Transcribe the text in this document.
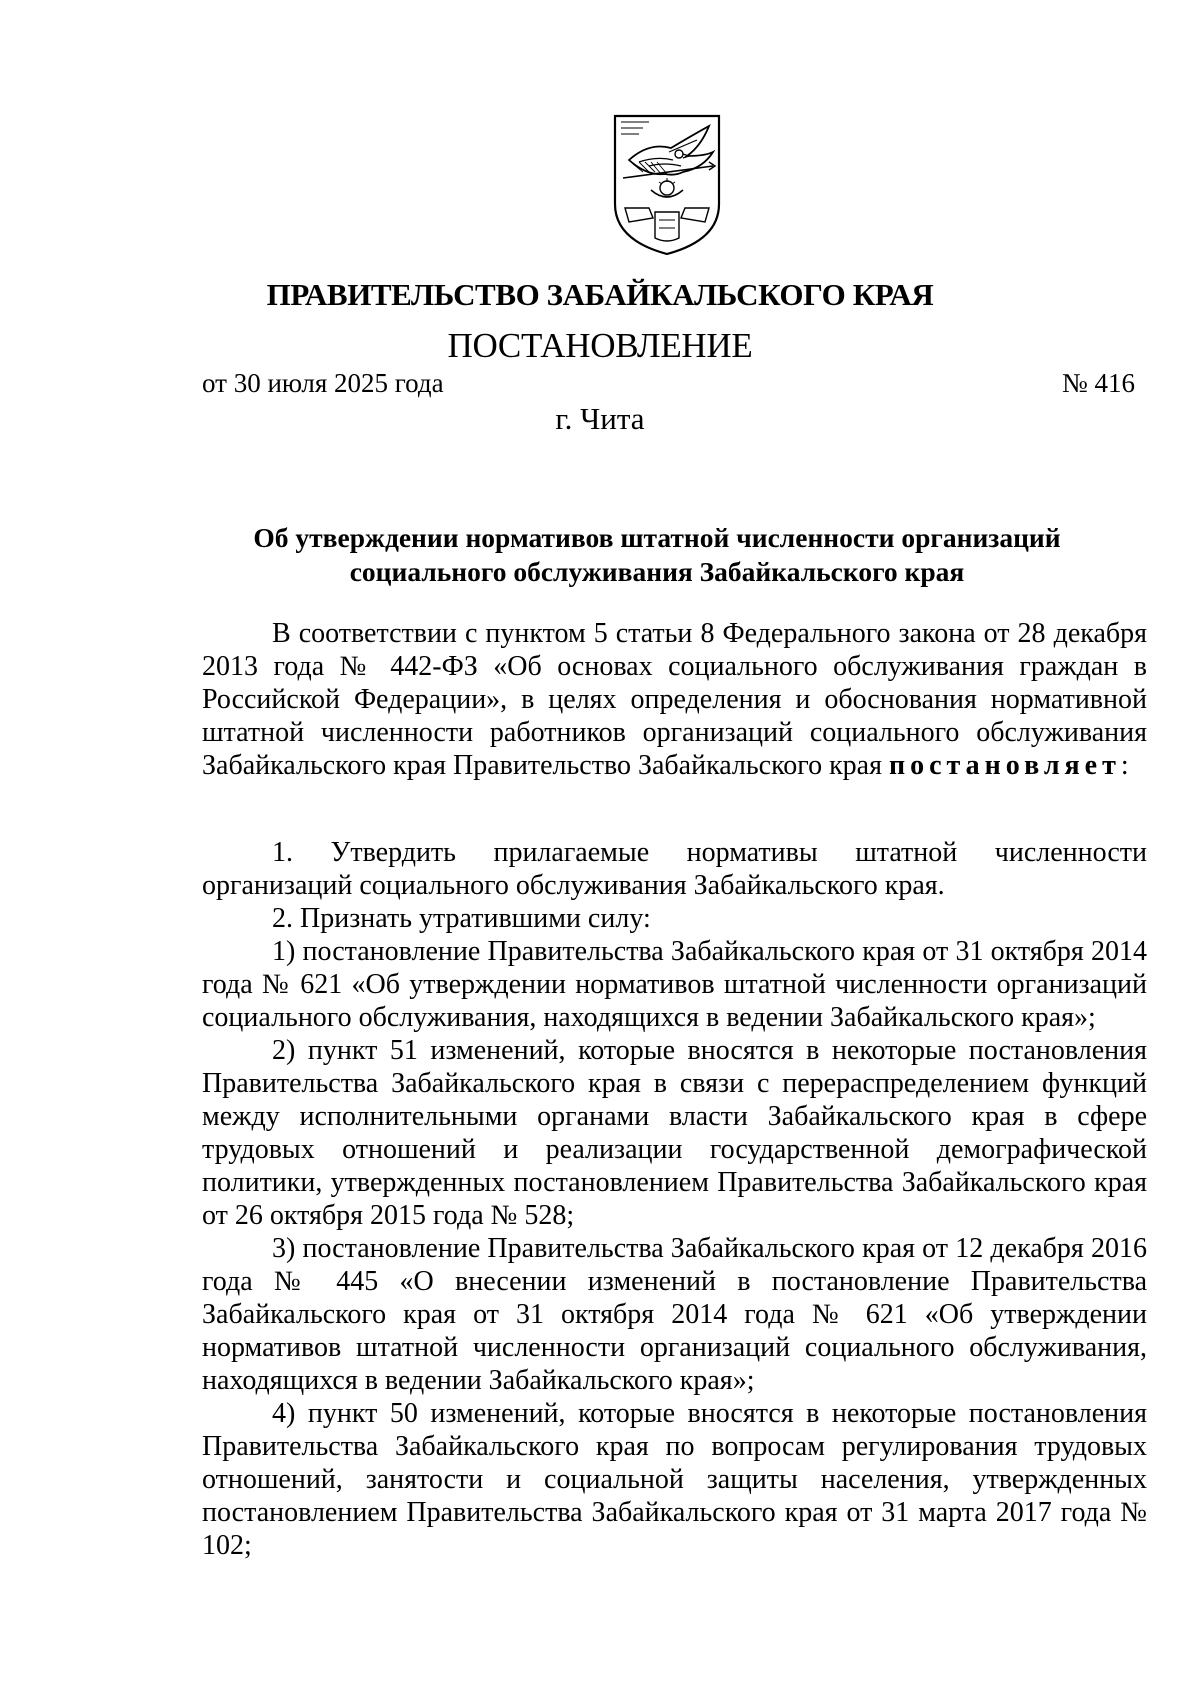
ПРАВИТЕЛЬСТВО ЗАБАЙКАЛЬСКОГО КРАЯ
ПОСТАНОВЛЕНИЕ
от 30 июля 2025 года	№ 416
г. Чита
Об утверждении нормативов штатной численности организаций
социального обслуживания Забайкальского края

В соответствии с пунктом 5 статьи 8 Федерального закона от 28 декабря 2013 года № 442-ФЗ «Об основах социального обслуживания граждан в Российской Федерации», в целях определения и обоснования нормативной штатной численности работников организаций социального обслуживания Забайкальского края Правительство Забайкальского края постановляет:

1. Утвердить прилагаемые нормативы штатной численности организаций социального обслуживания Забайкальского края.

2. Признать утратившими силу:

1) постановление Правительства Забайкальского края от 31 октября 2014 года № 621 «Об утверждении нормативов штатной численности организаций социального обслуживания, находящихся в ведении Забайкальского края»;

2) пункт 51 изменений, которые вносятся в некоторые постановления Правительства Забайкальского края в связи с перераспределением функций между исполнительными органами власти Забайкальского края в сфере трудовых отношений и реализации государственной демографической политики, утвержденных постановлением Правительства Забайкальского края от 26 октября 2015 года № 528;

3) постановление Правительства Забайкальского края от 12 декабря 2016 года № 445 «О внесении изменений в постановление Правительства Забайкальского края от 31 октября 2014 года № 621 «Об утверждении нормативов штатной численности организаций социального обслуживания, находящихся в ведении Забайкальского края»;

4) пункт 50 изменений, которые вносятся в некоторые постановления Правительства Забайкальского края по вопросам регулирования трудовых отношений, занятости и социальной защиты населения, утвержденных постановлением Правительства Забайкальского края от 31 марта 2017 года № 102;
